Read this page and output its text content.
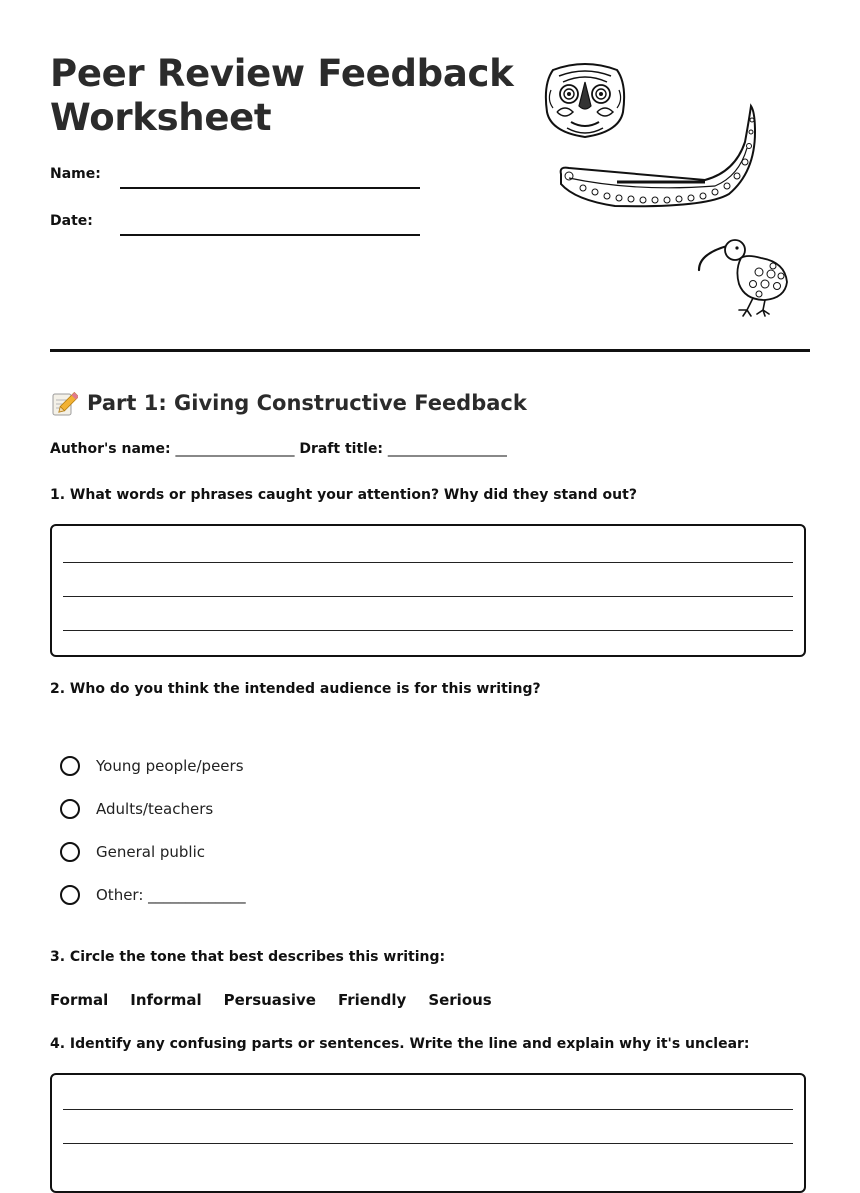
Peer Review Feedback
Worksheet
Name:
Date:
Part 1: Giving Constructive Feedback
Author's name: _________________ Draft title: _________________

1. What words or phrases caught your attention? Why did they stand out?

2. Who do you think the intended audience is for this writing?

Young people/peers
Adults/teachers
General public
Other: _____________

3. Circle the tone that best describes this writing:

Formal Informal Persuasive Friendly Serious

4. Identify any confusing parts or sentences. Write the line and explain why it's unclear:
